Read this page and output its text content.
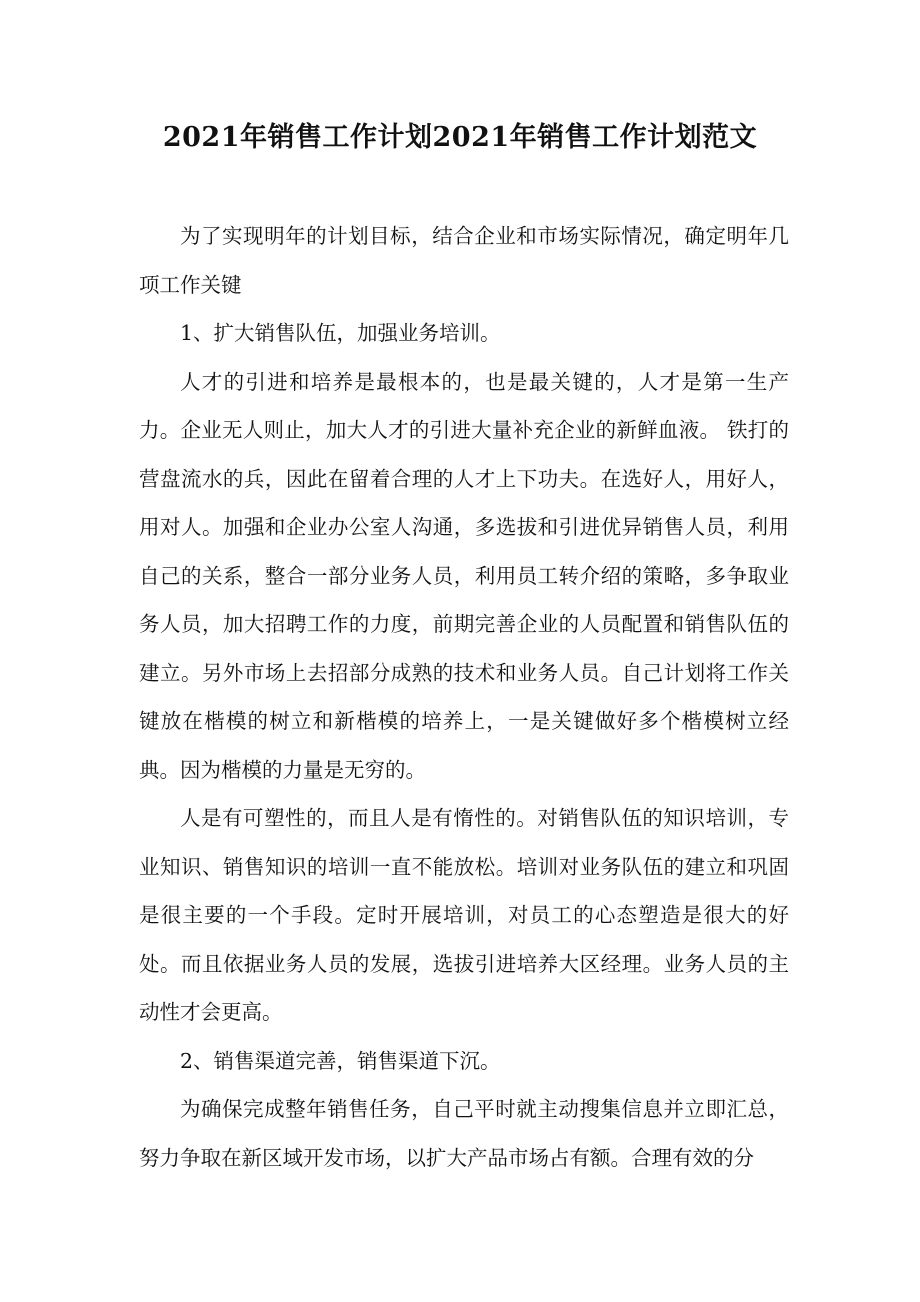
2021年销售工作计划2021年销售工作计划范文

为了实现明年的计划目标，结合企业和市场实际情况，确定明年几项工作关键

1、扩大销售队伍，加强业务培训。

人才的引进和培养是最根本的，也是最关键的，人才是第一生产力。企业无人则止，加大人才的引进大量补充企业的新鲜血液。 铁打的营盘流水的兵，因此在留着合理的人才上下功夫。在选好人，用好人，用对人。加强和企业办公室人沟通，多选拔和引进优异销售人员，利用自己的关系，整合一部分业务人员，利用员工转介绍的策略，多争取业务人员，加大招聘工作的力度，前期完善企业的人员配置和销售队伍的建立。另外市场上去招部分成熟的技术和业务人员。自己计划将工作关键放在楷模的树立和新楷模的培养上，一是关键做好多个楷模树立经典。因为楷模的力量是无穷的。

人是有可塑性的，而且人是有惰性的。对销售队伍的知识培训，专业知识、销售知识的培训一直不能放松。培训对业务队伍的建立和巩固是很主要的一个手段。定时开展培训，对员工的心态塑造是很大的好处。而且依据业务人员的发展，选拔引进培养大区经理。业务人员的主动性才会更高。

2、销售渠道完善，销售渠道下沉。

为确保完成整年销售任务，自己平时就主动搜集信息并立即汇总，努力争取在新区域开发市场，以扩大产品市场占有额。合理有效的分
